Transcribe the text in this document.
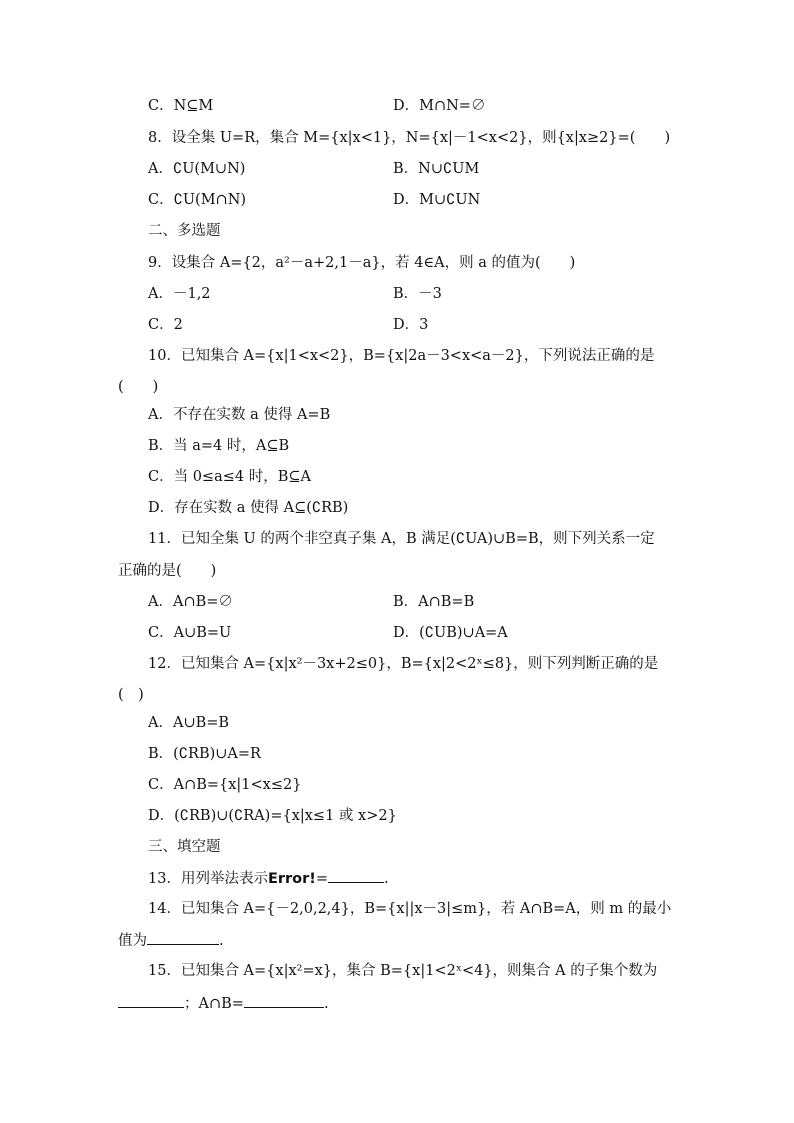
C．N⊆M	D．M∩N=∅
8．设全集 U=R，集合 M={x|x<1}，N={x|－1<x<2}，则{x|x≥2}=(　　)
A．∁U(M∪N)	B．N∪∁UM
C．∁U(M∩N)	D．M∪∁UN
二、多选题
9．设集合 A={2，a²－a+2,1－a}，若 4∈A，则 a 的值为(　　)
A．－1,2	B．－3
C．2	D．3
10．已知集合 A={x|1<x<2}，B={x|2a－3<x<a－2}，下列说法正确的是
(　　)
A．不存在实数 a 使得 A=B
B．当 a=4 时，A⊆B
C．当 0≤a≤4 时，B⊆A
D．存在实数 a 使得 A⊆(∁RB)
11．已知全集 U 的两个非空真子集 A，B 满足(∁UA)∪B=B，则下列关系一定
正确的是(　　)
A．A∩B=∅	B．A∩B=B
C．A∪B=U	D．(∁UB)∪A=A
12．已知集合 A={x|x²－3x+2≤0}，B={x|2<2ˣ≤8}，则下列判断正确的是
(　)
A．A∪B=B
B．(∁RB)∪A=R
C．A∩B={x|1<x≤2}
D．(∁RB)∪(∁RA)={x|x≤1 或 x>2}
三、填空题
13．用列举法表示Error!=	.
14．已知集合 A={－2,0,2,4}，B={x||x－3|≤m}，若 A∩B=A，则 m 的最小
值为	.
15．已知集合 A={x|x²=x}，集合 B={x|1<2ˣ<4}，则集合 A 的子集个数为
；A∩B=	.
